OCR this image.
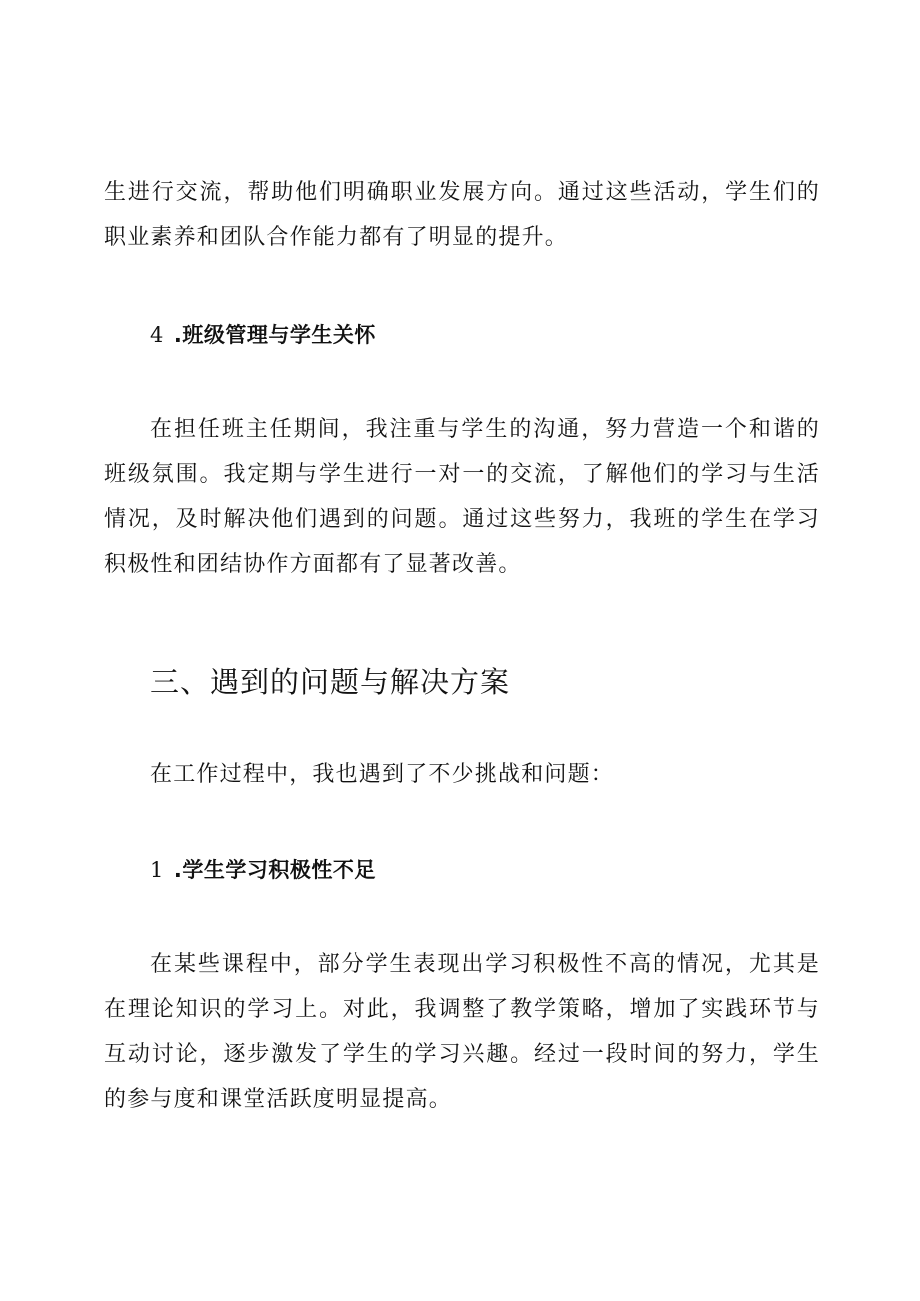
生进行交流，帮助他们明确职业发展方向。通过这些活动，学生们的职业素养和团队合作能力都有了明显的提升。

4 .班级管理与学生关怀

在担任班主任期间，我注重与学生的沟通，努力营造一个和谐的班级氛围。我定期与学生进行一对一的交流，了解他们的学习与生活情况，及时解决他们遇到的问题。通过这些努力，我班的学生在学习积极性和团结协作方面都有了显著改善。

三、遇到的问题与解决方案

在工作过程中，我也遇到了不少挑战和问题：

1 .学生学习积极性不足

在某些课程中，部分学生表现出学习积极性不高的情况，尤其是在理论知识的学习上。对此，我调整了教学策略，增加了实践环节与互动讨论，逐步激发了学生的学习兴趣。经过一段时间的努力，学生的参与度和课堂活跃度明显提高。
